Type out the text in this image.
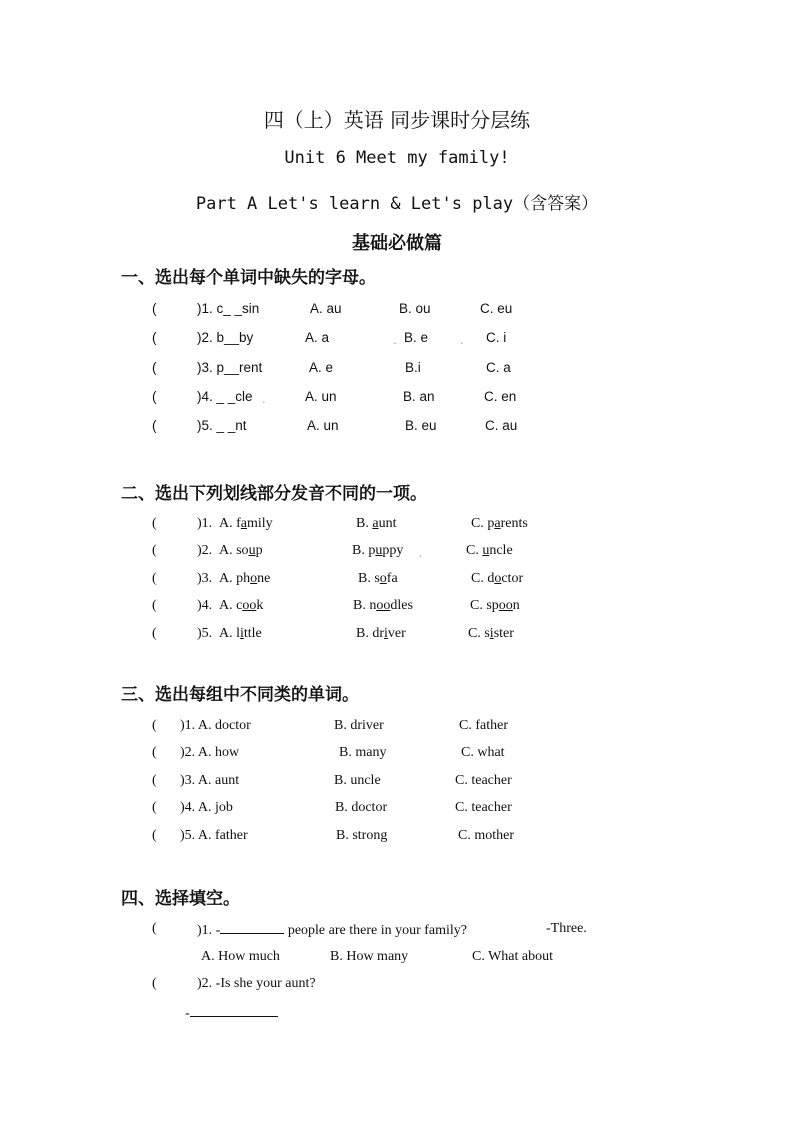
四（上）英语 同步课时分层练
Unit 6 Meet my family!
Part A Let's learn & Let's play（含答案）
基础必做篇
一、选出每个单词中缺失的字母。
(	)1. c_ _sin	A. au	B. ou	C. eu
(	)2. b__by	A. a	. B. e . C. i
(	)3. p__rent	A. e	B.i	C. a
(	)4. _ _cle .	A. un	B. an	C. en
(	)5. _ _nt	A. un	B. eu	C. au
二、选出下列划线部分发音不同的一项。
(	)1. A. family	B. aunt	C. parents
(	)2. A. soup	B. puppy .	C. uncle
(	)3. A. phone	B. sofa	C. doctor
(	)4. A. cook	B. noodles	C. spoon
(	)5. A. little	B. driver	C. sister
三、选出每组中不同类的单词。
( )1. A. doctor	B. driver	C. father
( )2. A. how	B. many	C. what
( )3. A. aunt	B. uncle	C. teacher
( )4. A. job	B. doctor	C. teacher
( )5. A. father	B. strong	C. mother
四、选择填空。
(	)1. -	people are there in your family?	-Three.
A. How much	B. How many	C. What about
(	)2. -Is she your aunt?
-
